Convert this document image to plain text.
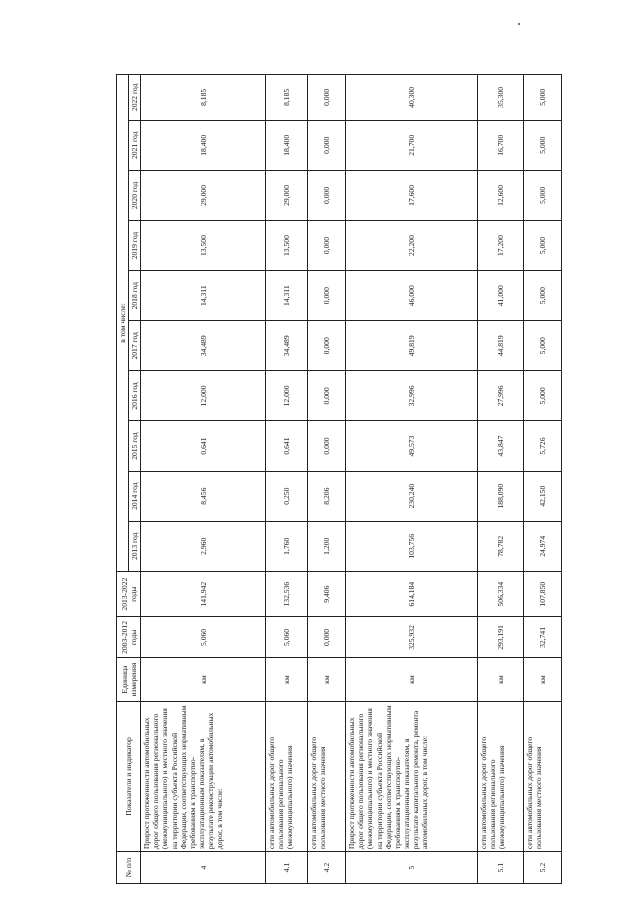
№ п/п	Показатели и индикатор	Единица измерения	2003-2012 годы	2013-2022 годы	в том числе:									
					2013 год	2014 год	2015 год	2016 год	2017 год	2018 год	2019 год	2020 год	2021 год	2022 год
4	Прирост протяженности автомобильных дорог общего пользования регионального (межмуниципального) и местного значения на территории субъекта Российской Федерации, соответствующих нормативным требованиям к транспортно-эксплуатационным показателям, в результате реконструкции автомобильных дорог, в том числе:	км	5,060	141,942	2,960	8,456	0,641	12,000	34,489	14,311	13,500	29,000	18,400	8,185
4.1	сети автомобильных дорог общего пользования регионального (межмуниципального) значения	км	5,060	132,536	1,760	0,250	0,641	12,000	34,489	14,311	13,500	29,000	18,400	8,185
4.2	сети автомобильных дорог общего пользования местного значения	км	0,000	9,406	1,200	8,206	0,000	0,000	0,000	0,000	0,000	0,000	0,000	0,000
5	Прирост протяженности автомобильных дорог общего пользования регионального (межмуниципального) и местного значения на территории субъекта Российской Федерации, соответствующих нормативным требованиям к транспортно-эксплуатационным показателям, в результате капитального ремонта, ремонта автомобильных дорог, в том числе:	км	325,932	614,184	103,756	230,240	49,573	32,996	49,819	46,000	22,200	17,600	21,700	40,300
5.1	сети автомобильных дорог общего пользования регионального (межмуниципального) значения	км	293,191	506,334	78,782	188,090	43,847	27,996	44,819	41,000	17,200	12,600	16,700	35,300
5.2	сети автомобильных дорог общего пользования местного значения	км	32,741	107,850	24,974	42,150	5,726	5,000	5,000	5,000	5,000	5,000	5,000	5,000
